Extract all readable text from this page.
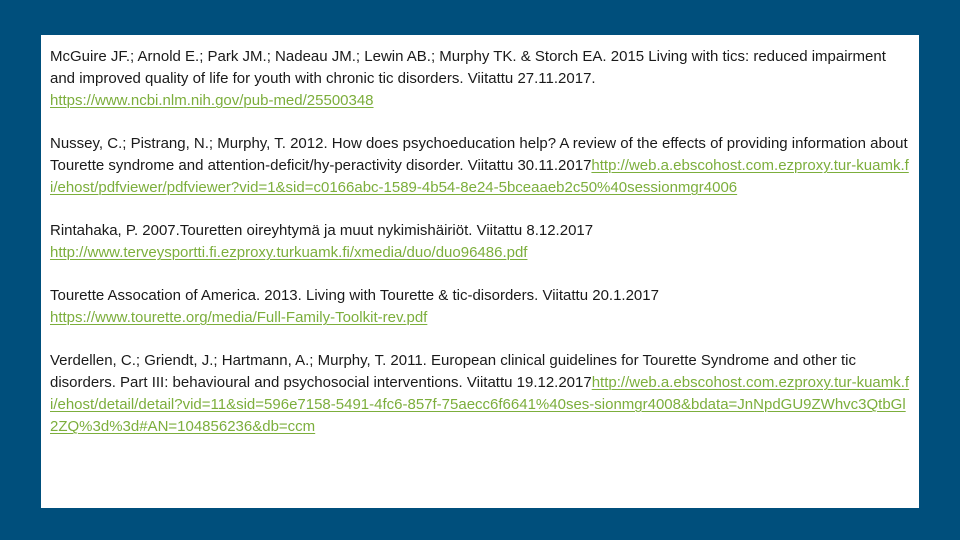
McGuire JF.; Arnold E.; Park JM.; Nadeau JM.; Lewin AB.; Murphy TK. & Storch EA. 2015 Living with tics: reduced impairment and improved quality of life for youth with chronic tic disorders. Viitattu 27.11.2017.
https://www.ncbi.nlm.nih.gov/pub-med/25500348

Nussey, C.; Pistrang, N.; Murphy, T. 2012. How does psychoeducation help? A review of the effects of providing information about Tourette syndrome and attention-deficit/hy-peractivity disorder. Viitattu 30.11.2017http://web.a.ebscohost.com.ezproxy.tur-kuamk.fi/ehost/pdfviewer/pdfviewer?vid=1&sid=c0166abc-1589-4b54-8e24-5bceaaeb2c50%40sessionmgr4006

Rintahaka, P. 2007.Touretten oireyhtymä ja muut nykimishäiriöt. Viitattu 8.12.2017
http://www.terveysportti.fi.ezproxy.turkuamk.fi/xmedia/duo/duo96486.pdf

Tourette Assocation of America. 2013. Living with Tourette & tic-disorders. Viitattu 20.1.2017
https://www.tourette.org/media/Full-Family-Toolkit-rev.pdf

Verdellen, C.; Griendt, J.; Hartmann, A.; Murphy, T. 2011. European clinical guidelines for Tourette Syndrome and other tic disorders. Part III: behavioural and psychosocial interventions. Viitattu 19.12.2017http://web.a.ebscohost.com.ezproxy.tur-kuamk.fi/ehost/detail/detail?vid=11&sid=596e7158-5491-4fc6-857f-75aecc6f6641%40ses-sionmgr4008&bdata=JnNpdGU9ZWhvc3QtbGl2ZQ%3d%3d#AN=104856236&db=ccm
